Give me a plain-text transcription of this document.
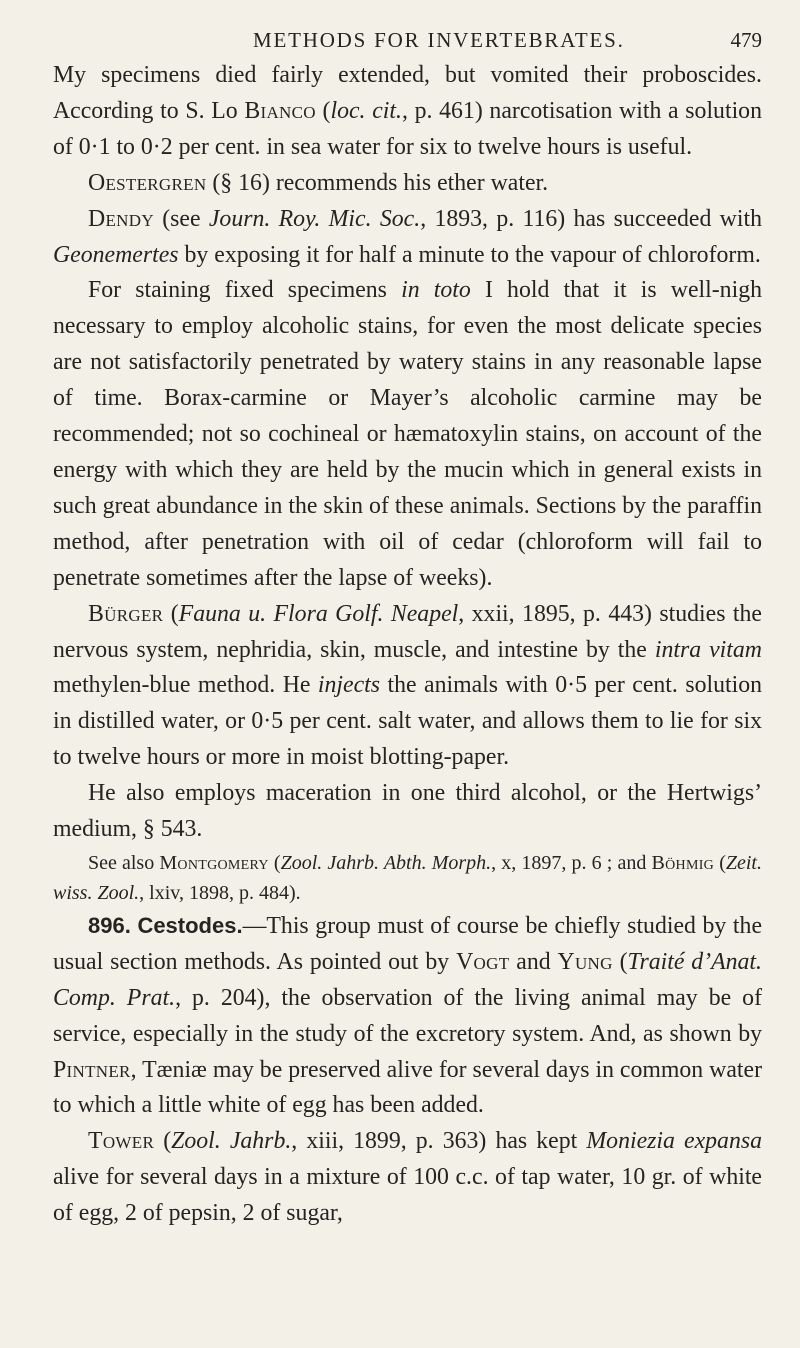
METHODS FOR INVERTEBRATES.	479

My specimens died fairly extended, but vomited their proboscides. According to S. Lo Bianco (loc. cit., p. 461) narcotisation with a solution of 0·1 to 0·2 per cent. in sea water for six to twelve hours is useful.

Oestergren (§ 16) recommends his ether water.

Dendy (see Journ. Roy. Mic. Soc., 1893, p. 116) has succeeded with Geonemertes by exposing it for half a minute to the vapour of chloroform.

For staining fixed specimens in toto I hold that it is well-nigh necessary to employ alcoholic stains, for even the most delicate species are not satisfactorily penetrated by watery stains in any reasonable lapse of time. Borax-carmine or Mayer’s alcoholic carmine may be recommended; not so cochineal or hæmatoxylin stains, on account of the energy with which they are held by the mucin which in general exists in such great abundance in the skin of these animals. Sections by the paraffin method, after penetration with oil of cedar (chloroform will fail to penetrate sometimes after the lapse of weeks).

Bürger (Fauna u. Flora Golf. Neapel, xxii, 1895, p. 443) studies the nervous system, nephridia, skin, muscle, and intestine by the intra vitam methylen-blue method. He injects the animals with 0·5 per cent. solution in distilled water, or 0·5 per cent. salt water, and allows them to lie for six to twelve hours or more in moist blotting-paper.

He also employs maceration in one third alcohol, or the Hertwigs’ medium, § 543.

See also Montgomery (Zool. Jahrb. Abth. Morph., x, 1897, p. 6 ; and Böhmig (Zeit. wiss. Zool., lxiv, 1898, p. 484).

896. Cestodes.—This group must of course be chiefly studied by the usual section methods. As pointed out by Vogt and Yung (Traité d’Anat. Comp. Prat., p. 204), the observation of the living animal may be of service, especially in the study of the excretory system. And, as shown by Pintner, Tæniæ may be preserved alive for several days in common water to which a little white of egg has been added.

Tower (Zool. Jahrb., xiii, 1899, p. 363) has kept Moniezia expansa alive for several days in a mixture of 100 c.c. of tap water, 10 gr. of white of egg, 2 of pepsin, 2 of sugar,
